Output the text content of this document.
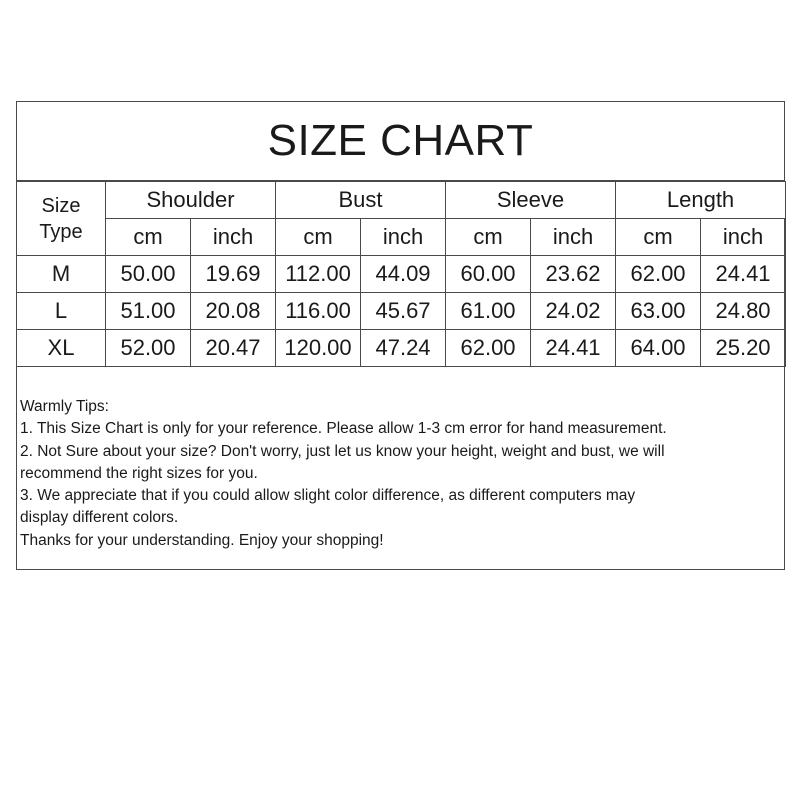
SIZE CHART
Size
Type	Shoulder		Bust		Sleeve		Length	
	cm	inch	cm	inch	cm	inch	cm	inch
M	50.00	19.69	112.00	44.09	60.00	23.62	62.00	24.41
L	51.00	20.08	116.00	45.67	61.00	24.02	63.00	24.80
XL	52.00	20.47	120.00	47.24	62.00	24.41	64.00	25.20
Warmly Tips:
1. This Size Chart is only for your reference. Please allow 1-3 cm error for hand measurement.
2. Not Sure about your size? Don't worry, just let us know your height, weight and bust, we will
recommend the right sizes for you.
3. We appreciate that if you could allow slight color difference, as different computers may
display different colors.
Thanks for your understanding. Enjoy your shopping!
